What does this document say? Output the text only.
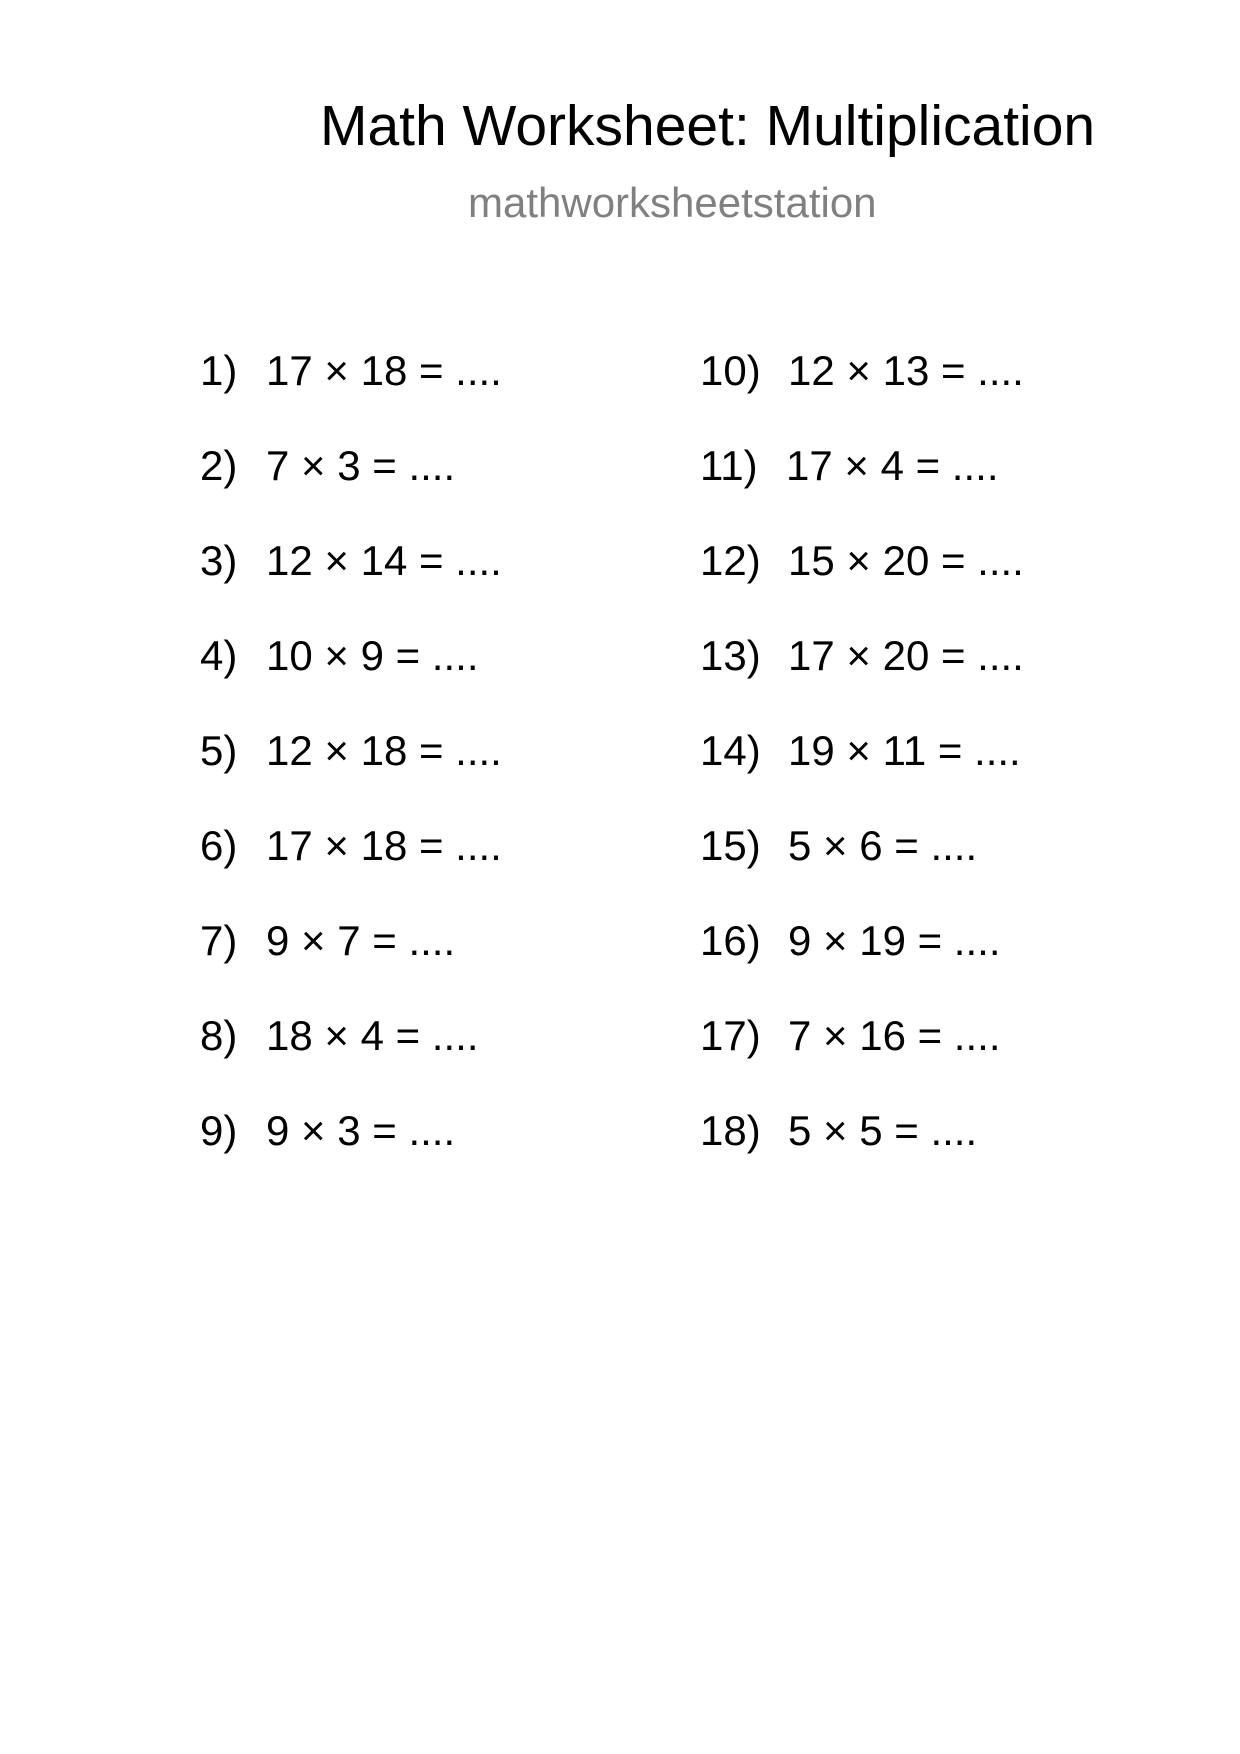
Math Worksheet: Multiplication
mathworksheetstation
1) 17 × 18 = ....
2) 7 × 3 = ....
3) 12 × 14 = ....
4) 10 × 9 = ....
5) 12 × 18 = ....
6) 17 × 18 = ....
7) 9 × 7 = ....
8) 18 × 4 = ....
9) 9 × 3 = ....
10) 12 × 13 = ....
11) 17 × 4 = ....
12) 15 × 20 = ....
13) 17 × 20 = ....
14) 19 × 11 = ....
15) 5 × 6 = ....
16) 9 × 19 = ....
17) 7 × 16 = ....
18) 5 × 5 = ....
